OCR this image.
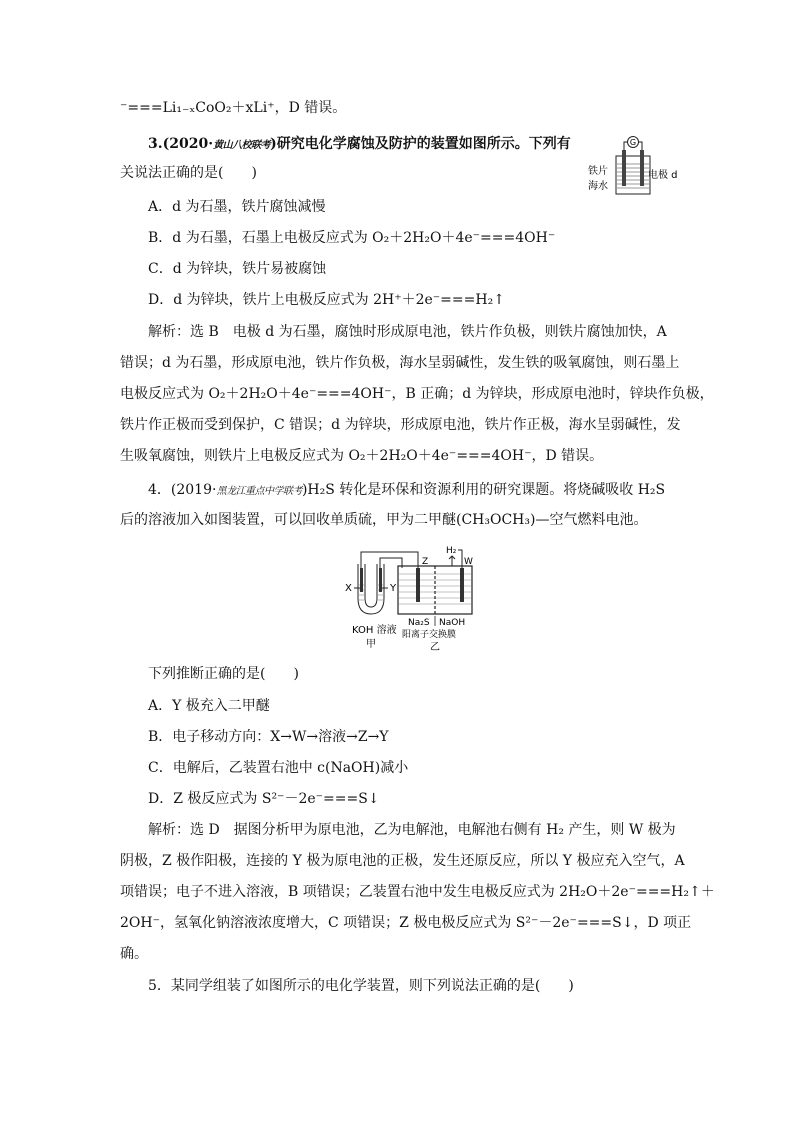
⁻===Li₁₋ₓCoO₂＋xLi⁺，D 错误。
3.(2020·黄山八校联考)研究电化学腐蚀及防护的装置如图所示。下列有
关说法正确的是(　　)
G
铁片
海水
电极 d
A．d 为石墨，铁片腐蚀减慢
B．d 为石墨，石墨上电极反应式为 O₂＋2H₂O＋4e⁻===4OH⁻
C．d 为锌块，铁片易被腐蚀
D．d 为锌块，铁片上电极反应式为 2H⁺＋2e⁻===H₂↑
解析：选 B　电极 d 为石墨，腐蚀时形成原电池，铁片作负极，则铁片腐蚀加快，A
错误；d 为石墨，形成原电池，铁片作负极，海水呈弱碱性，发生铁的吸氧腐蚀，则石墨上
电极反应式为 O₂＋2H₂O＋4e⁻===4OH⁻，B 正确；d 为锌块，形成原电池时，锌块作负极，
铁片作正极而受到保护，C 错误；d 为锌块，形成原电池，铁片作正极，海水呈弱碱性，发
生吸氧腐蚀，则铁片上电极反应式为 O₂＋2H₂O＋4e⁻===4OH⁻，D 错误。
4．(2019·黑龙江重点中学联考)H₂S 转化是环保和资源利用的研究课题。将烧碱吸收 H₂S
后的溶液加入如图装置，可以回收单质硫，甲为二甲醚(CH₃OCH₃)—空气燃料电池。
X	Y
Z
H₂
W
KOH 溶液
甲
Na₂S NaOH
阳离子交换膜
乙
下列推断正确的是(　　)
A．Y 极充入二甲醚
B．电子移动方向：X→W→溶液→Z→Y
C．电解后，乙装置右池中 c(NaOH)减小
D．Z 极反应式为 S²⁻－2e⁻===S↓
解析：选 D　据图分析甲为原电池，乙为电解池，电解池右侧有 H₂ 产生，则 W 极为
阴极，Z 极作阳极，连接的 Y 极为原电池的正极，发生还原反应，所以 Y 极应充入空气，A
项错误；电子不进入溶液，B 项错误；乙装置右池中发生电极反应式为 2H₂O＋2e⁻===H₂↑＋
2OH⁻，氢氧化钠溶液浓度增大，C 项错误；Z 极电极反应式为 S²⁻－2e⁻===S↓，D 项正
确。
5．某同学组装了如图所示的电化学装置，则下列说法正确的是(　　)
